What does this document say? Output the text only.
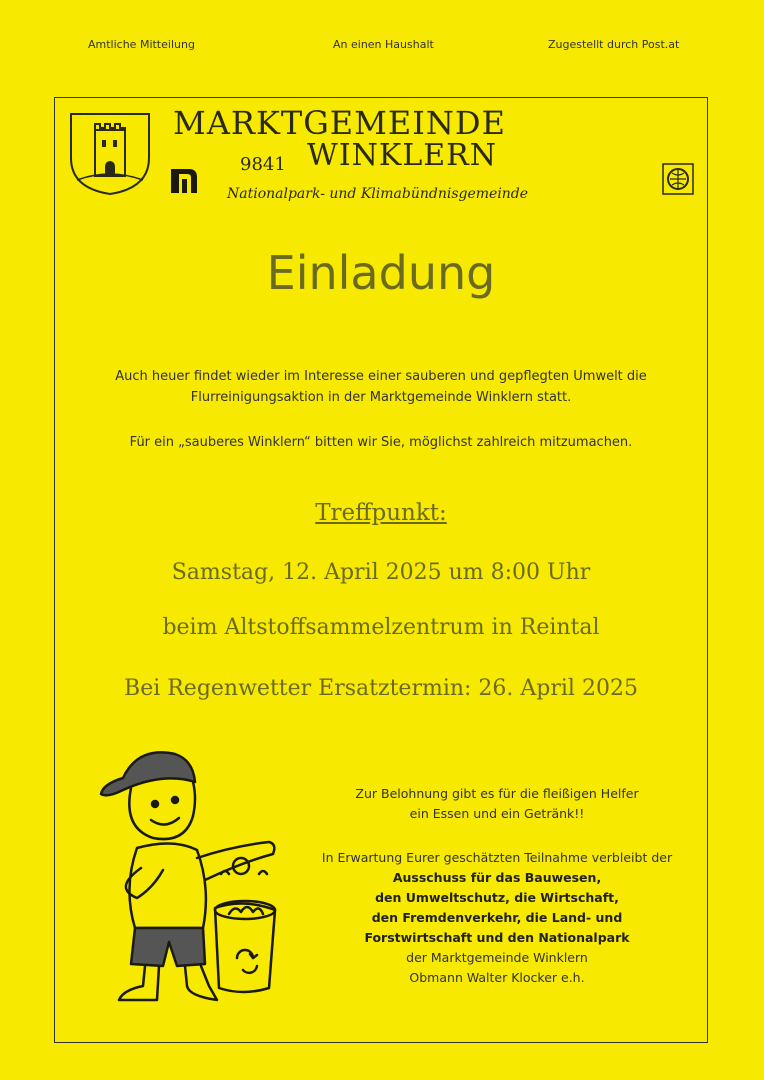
Amtliche Mitteilung	An einen Haushalt	Zugestellt durch Post.at
MARKTGEMEINDE
9841 WINKLERN
Nationalpark- und Klimabündnisgemeinde
Einladung
Auch heuer findet wieder im Interesse einer sauberen und gepflegten Umwelt die
Flurreinigungsaktion in der Marktgemeinde Winklern statt.
Für ein „sauberes Winklern“ bitten wir Sie, möglichst zahlreich mitzumachen.
Treffpunkt:
Samstag, 12. April 2025 um 8:00 Uhr
beim Altstoffsammelzentrum in Reintal
Bei Regenwetter Ersatztermin: 26. April 2025
Zur Belohnung gibt es für die fleißigen Helfer
ein Essen und ein Getränk!!
In Erwartung Eurer geschätzten Teilnahme verbleibt der
Ausschuss für das Bauwesen,
den Umweltschutz, die Wirtschaft,
den Fremdenverkehr, die Land- und
Forstwirtschaft und den Nationalpark
der Marktgemeinde Winklern
Obmann Walter Klocker e.h.
